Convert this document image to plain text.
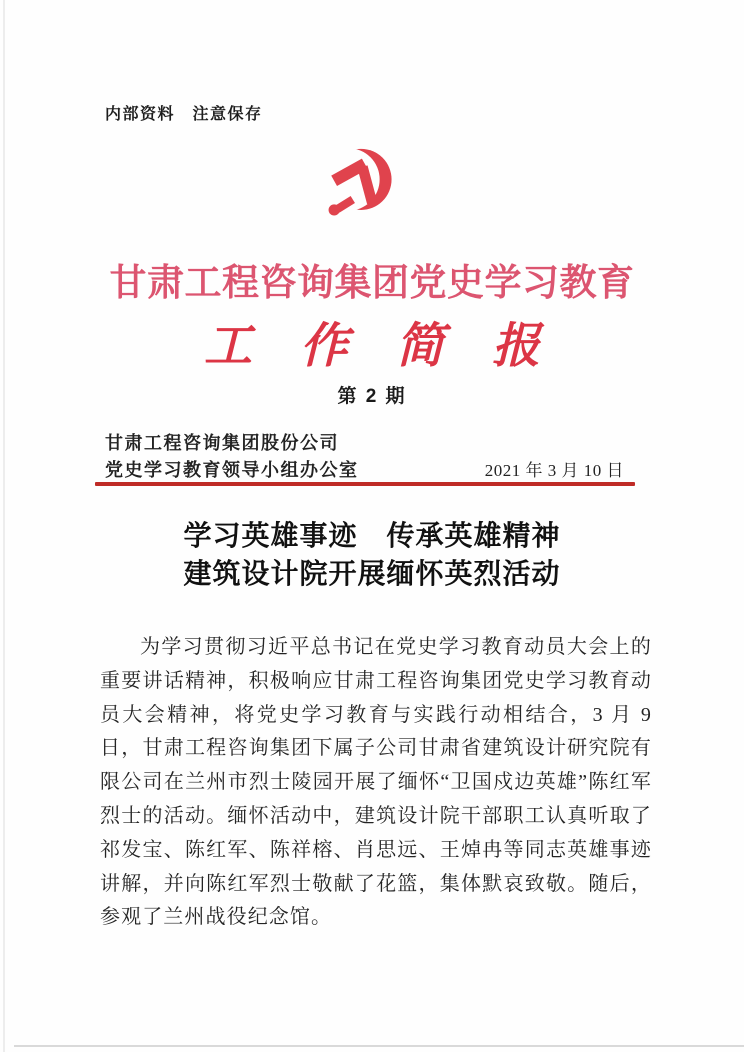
内部资料　注意保存
甘肃工程咨询集团党史学习教育
工　作　简　报
第 2 期
甘肃工程咨询集团股份公司
党史学习教育领导小组办公室	2021 年 3 月 10 日
学习英雄事迹　传承英雄精神
建筑设计院开展缅怀英烈活动

为学习贯彻习近平总书记在党史学习教育动员大会上的重要讲话精神，积极响应甘肃工程咨询集团党史学习教育动员大会精神，将党史学习教育与实践行动相结合，3 月 9 日，甘肃工程咨询集团下属子公司甘肃省建筑设计研究院有限公司在兰州市烈士陵园开展了缅怀“卫国戍边英雄”陈红军烈士的活动。缅怀活动中，建筑设计院干部职工认真听取了祁发宝、陈红军、陈祥榕、肖思远、王焯冉等同志英雄事迹讲解，并向陈红军烈士敬献了花篮，集体默哀致敬。随后，参观了兰州战役纪念馆。
